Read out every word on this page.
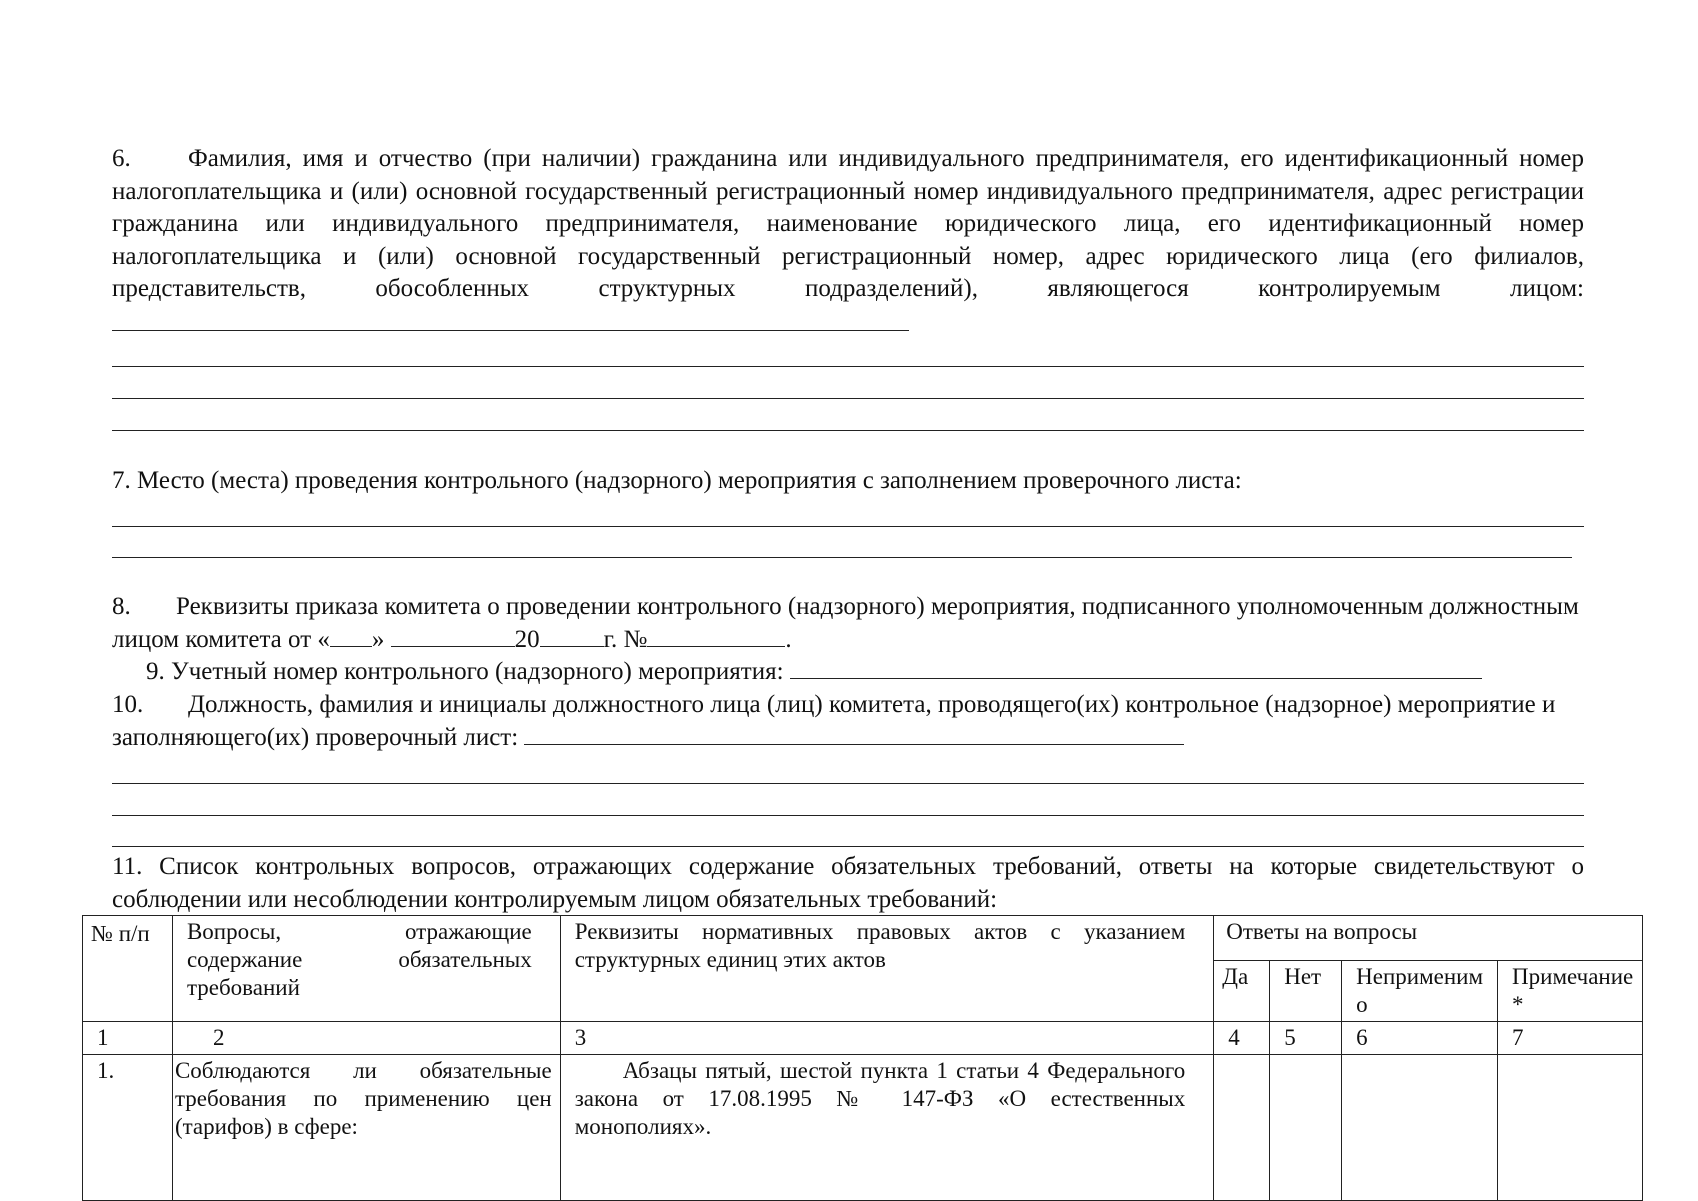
6. Фамилия, имя и отчество (при наличии) гражданина или индивидуального предпринимателя, его идентификационный номер налогоплательщика и (или) основной государственный регистрационный номер индивидуального предпринимателя, адрес регистрации гражданина или индивидуального предпринимателя, наименование юридического лица, его идентификационный номер налогоплательщика и (или) основной государственный регистрационный номер, адрес юридического лица (его филиалов, представительств, обособленных структурных подразделений), являющегося контролируемым лицом:
7. Место (места) проведения контрольного (надзорного) мероприятия с заполнением проверочного листа:
8. Реквизиты приказа комитета о проведении контрольного (надзорного) мероприятия, подписанного уполномоченным должностным лицом комитета от « »	20	г. №	.
9. Учетный номер контрольного (надзорного) мероприятия:
10. Должность, фамилия и инициалы должностного лица (лиц) комитета, проводящего(их) контрольное (надзорное) мероприятие и заполняющего(их) проверочный лист:
11. Список контрольных вопросов, отражающих содержание обязательных требований, ответы на которые свидетельствуют о соблюдении или несоблюдении контролируемым лицом обязательных требований:
№ п/п	Вопросы, отражающие содержание обязательных требований	Реквизиты нормативных правовых актов с указанием структурных единиц этих актов	Ответы на вопросы			
			Да	Нет	Неприменимо	Примечание*
1	2	3	4	5	6	7
1.	Соблюдаются ли обязательные требования по применению цен (тарифов) в сфере:	Абзацы пятый, шестой пункта 1 статьи 4 Федерального закона от 17.08.1995 № 147-ФЗ «О естественных монополиях».				
